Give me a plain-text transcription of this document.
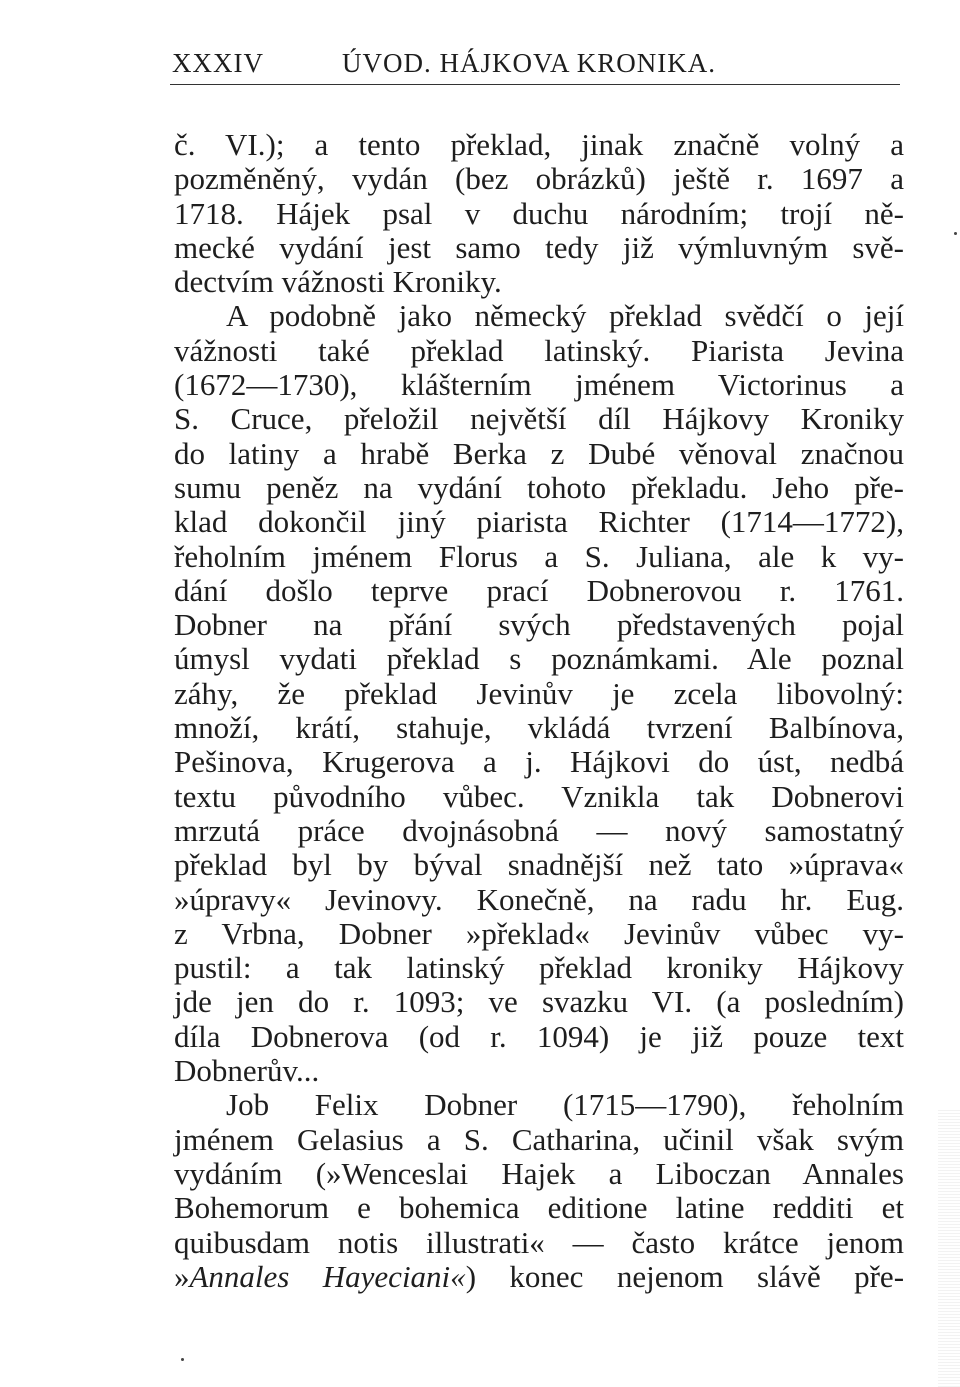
XXXIV	ÚVOD. HÁJKOVA KRONIKA.
č. VI.); a tento překlad, jinak značně volný a
pozměněný, vydán (bez obrázků) ještě r. 1697 a
1718. Hájek psal v duchu národním; trojí ně-
mecké vydání jest samo tedy již výmluvným svě-
dectvím vážnosti Kroniky.
A podobně jako německý překlad svědčí o její
vážnosti také překlad latinský. Piarista Jevina
(1672—1730), klášterním jménem Victorinus a
S. Cruce, přeložil největší díl Hájkovy Kroniky
do latiny a hrabě Berka z Dubé věnoval značnou
sumu peněz na vydání tohoto překladu. Jeho pře-
klad dokončil jiný piarista Richter (1714—1772),
řeholním jménem Florus a S. Juliana, ale k vy-
dání došlo teprve prací Dobnerovou r. 1761.
Dobner na přání svých představených pojal
úmysl vydati překlad s poznámkami. Ale poznal
záhy, že překlad Jevinův je zcela libovolný:
množí, krátí, stahuje, vkládá tvrzení Balbínova,
Pešinova, Krugerova a j. Hájkovi do úst, nedbá
textu původního vůbec. Vznikla tak Dobnerovi
mrzutá práce dvojnásobná — nový samostatný
překlad byl by býval snadnější než tato »úprava«
»úpravy« Jevinovy. Konečně, na radu hr. Eug.
z Vrbna, Dobner »překlad« Jevinův vůbec vy-
pustil: a tak latinský překlad kroniky Hájkovy
jde jen do r. 1093; ve svazku VI. (a posledním)
díla Dobnerova (od r. 1094) je již pouze text
Dobnerův...
Job Felix Dobner (1715—1790), řeholním
jménem Gelasius a S. Catharina, učinil však svým
vydáním (»Wenceslai Hajek a Liboczan Annales
Bohemorum e bohemica editione latine redditi et
quibusdam notis illustrati« — často krátce jenom
»Annales Hayeciani«) konec nejenom slávě pře-
